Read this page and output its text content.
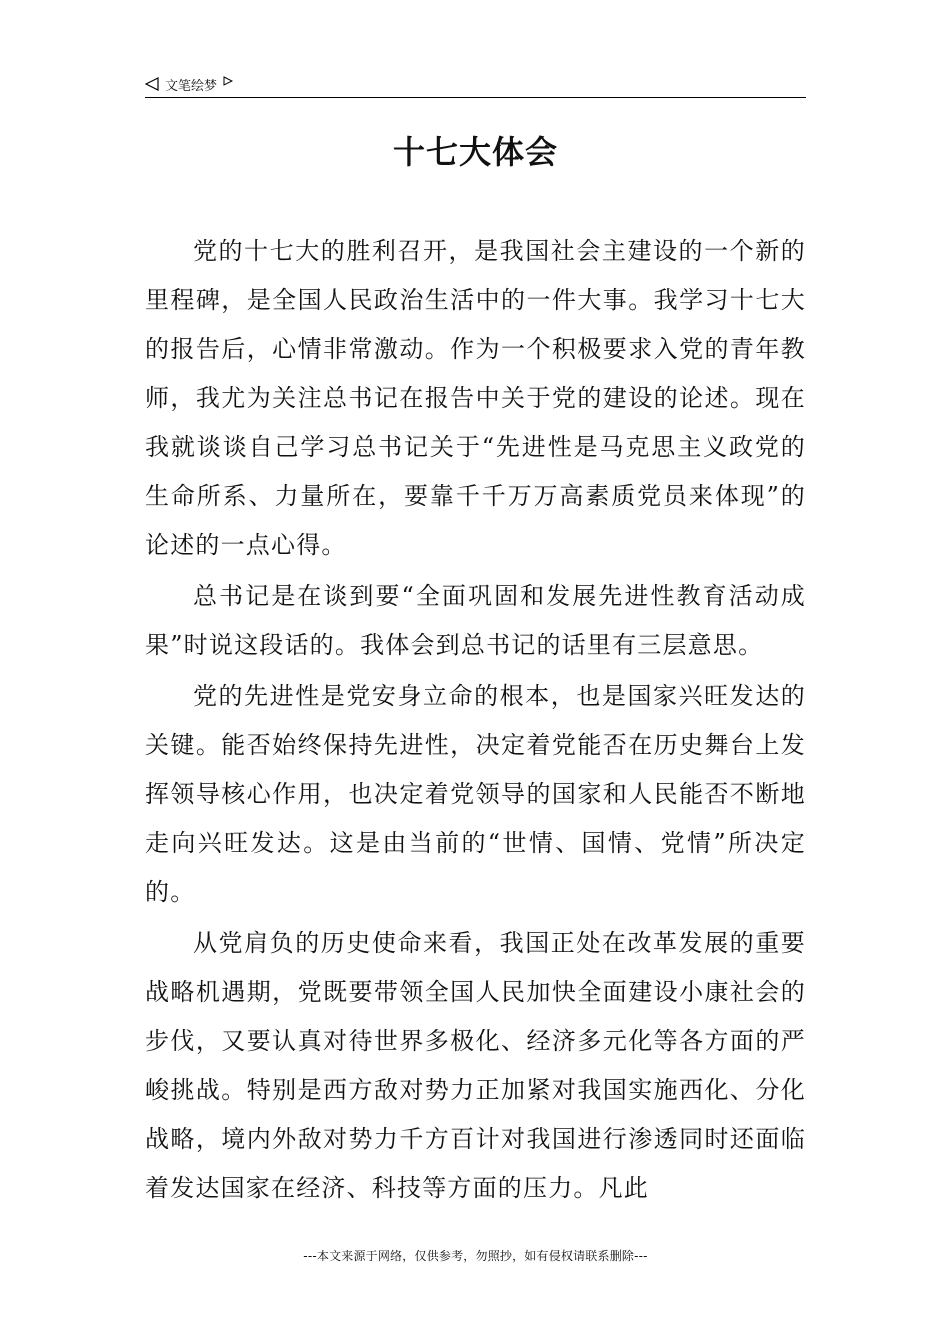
文笔绘梦
十七大体会

党的十七大的胜利召开，是我国社会主建设的一个新的里程碑，是全国人民政治生活中的一件大事。我学习十七大的报告后，心情非常激动。作为一个积极要求入党的青年教师，我尤为关注总书记在报告中关于党的建设的论述。现在我就谈谈自己学习总书记关于“先进性是马克思主义政党的生命所系、力量所在，要靠千千万万高素质党员来体现”的论述的一点心得。

总书记是在谈到要“全面巩固和发展先进性教育活动成果”时说这段话的。我体会到总书记的话里有三层意思。

党的先进性是党安身立命的根本，也是国家兴旺发达的关键。能否始终保持先进性，决定着党能否在历史舞台上发挥领导核心作用，也决定着党领导的国家和人民能否不断地走向兴旺发达。这是由当前的“世情、国情、党情”所决定的。

从党肩负的历史使命来看，我国正处在改革发展的重要战略机遇期，党既要带领全国人民加快全面建设小康社会的步伐，又要认真对待世界多极化、经济多元化等各方面的严峻挑战。特别是西方敌对势力正加紧对我国实施西化、分化战略，境内外敌对势力千方百计对我国进行渗透同时还面临着发达国家在经济、科技等方面的压力。凡此

---本文来源于网络，仅供参考，勿照抄，如有侵权请联系删除---
